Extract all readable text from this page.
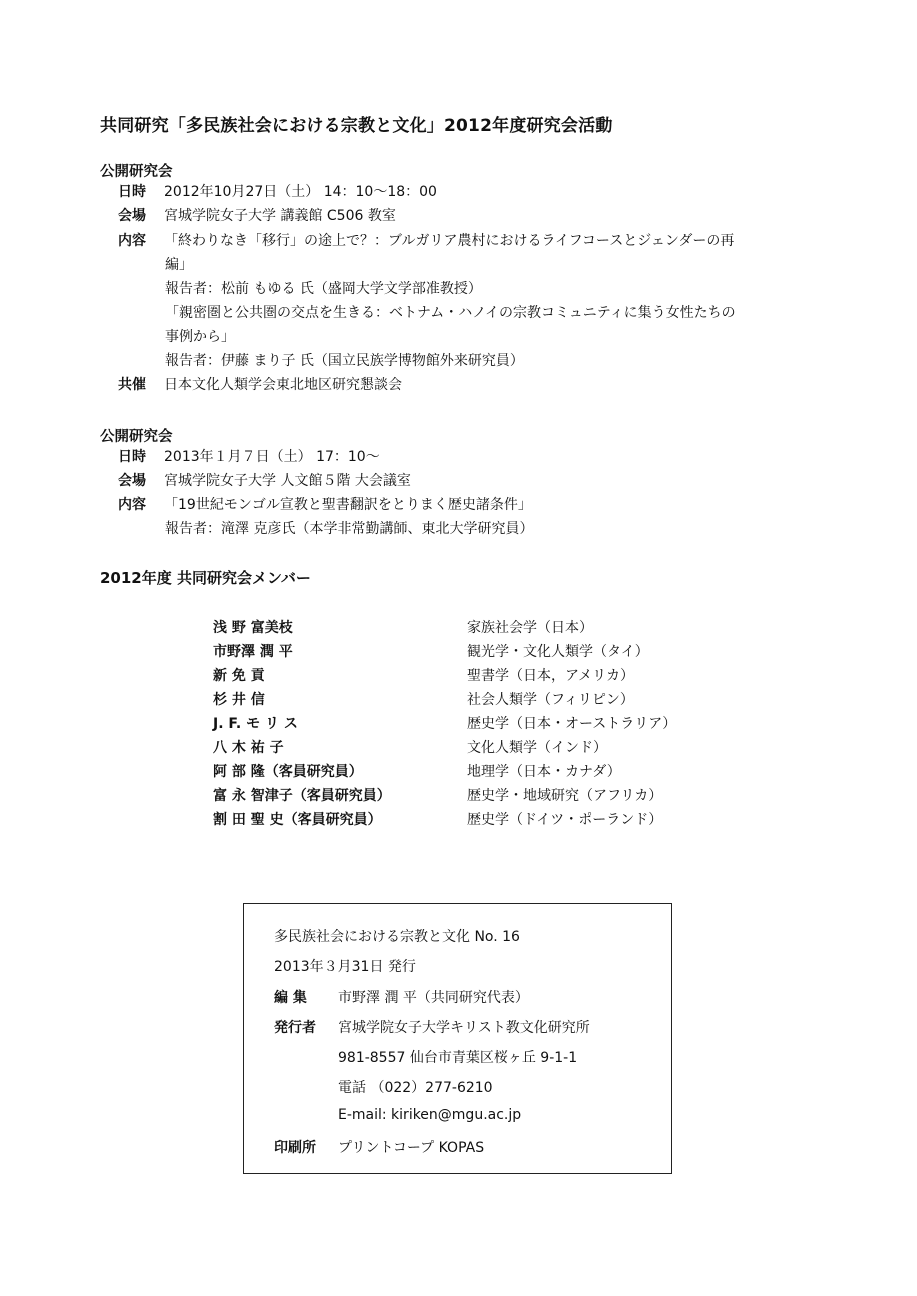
共同研究「多民族社会における宗教と文化」2012年度研究会活動
公開研究会
日時 2012年10月27日（土） 14：10～18：00
会場 宮城学院女子大学 講義館 C506 教室
内容 「終わりなき「移行」の途上で？：ブルガリア農村におけるライフコースとジェンダーの再
編」
報告者：松前 もゆる 氏（盛岡大学文学部准教授）
「親密圏と公共圏の交点を生きる：ベトナム・ハノイの宗教コミュニティに集う女性たちの
事例から」
報告者：伊藤 まり子 氏（国立民族学博物館外来研究員）
共催 日本文化人類学会東北地区研究懇談会
公開研究会
日時 2013年１月７日（土） 17：10～
会場 宮城学院女子大学 人文館５階 大会議室
内容 「19世紀モンゴル宣教と聖書翻訳をとりまく歴史諸条件」
報告者：滝澤 克彦氏（本学非常勤講師、東北大学研究員）
2012年度 共同研究会メンバー
浅 野 富美枝	家族社会学（日本）
市野澤 潤 平	観光学・文化人類学（タイ）
新 免 貢	聖書学（日本，アメリカ）
杉 井 信	社会人類学（フィリピン）
J. F. モ リ ス	歴史学（日本・オーストラリア）
八 木 祐 子	文化人類学（インド）
阿 部 隆（客員研究員）	地理学（日本・カナダ）
富 永 智津子（客員研究員）	歴史学・地域研究（アフリカ）
割 田 聖 史（客員研究員）	歴史学（ドイツ・ポーランド）
多民族社会における宗教と文化 No. 16
2013年３月31日 発行
編 集 市野澤 潤 平（共同研究代表）
発行者 宮城学院女子大学キリスト教文化研究所
981-8557 仙台市青葉区桜ヶ丘 9-1-1
電話 （022）277-6210
E-mail: kiriken@mgu.ac.jp
印刷所 プリントコープ KOPAS
